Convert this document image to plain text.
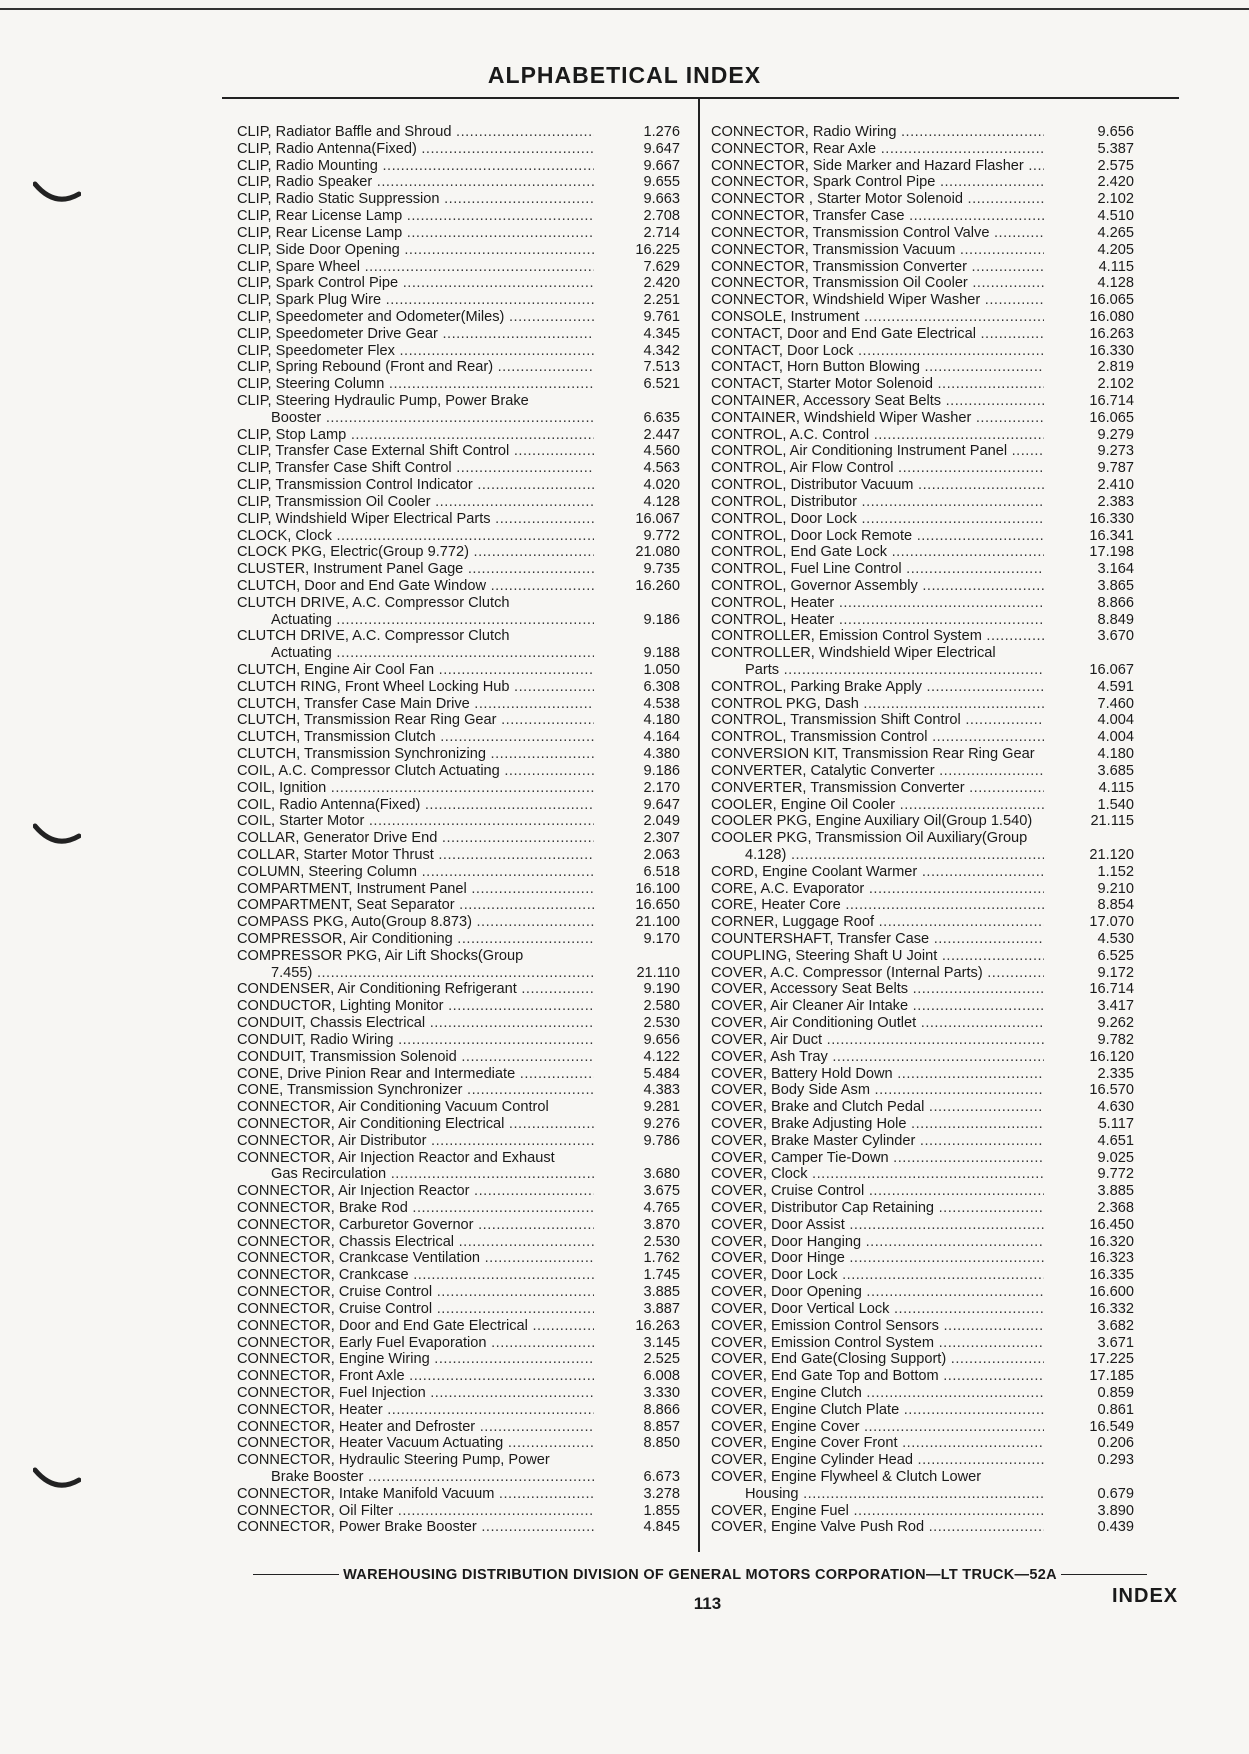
ALPHABETICAL INDEX
CLIP, Radiator Baffle and Shroud .....	1.276
CLIP, Radio Antenna(Fixed) .....	9.647
CLIP, Radio Mounting .....	9.667
CLIP, Radio Speaker .....	9.655
CLIP, Radio Static Suppression .....	9.663
CLIP, Rear License Lamp .....	2.708
CLIP, Rear License Lamp .....	2.714
CLIP, Side Door Opening .....	16.225
CLIP, Spare Wheel .....	7.629
CLIP, Spark Control Pipe .....	2.420
CLIP, Spark Plug Wire .....	2.251
CLIP, Speedometer and Odometer(Miles) .....	9.761
CLIP, Speedometer Drive Gear .....	4.345
CLIP, Speedometer Flex .....	4.342
CLIP, Spring Rebound (Front and Rear) .....	7.513
CLIP, Steering Column .....	6.521
CLIP, Steering Hydraulic Pump, Power Brake
Booster .....	6.635
CLIP, Stop Lamp .....	2.447
CLIP, Transfer Case External Shift Control .....	4.560
CLIP, Transfer Case Shift Control .....	4.563
CLIP, Transmission Control Indicator .....	4.020
CLIP, Transmission Oil Cooler .....	4.128
CLIP, Windshield Wiper Electrical Parts .....	16.067
CLOCK, Clock .....	9.772
CLOCK PKG, Electric(Group 9.772) .....	21.080
CLUSTER, Instrument Panel Gage .....	9.735
CLUTCH, Door and End Gate Window .....	16.260
CLUTCH DRIVE, A.C. Compressor Clutch
Actuating .....	9.186
CLUTCH DRIVE, A.C. Compressor Clutch
Actuating .....	9.188
CLUTCH, Engine Air Cool Fan .....	1.050
CLUTCH RING, Front Wheel Locking Hub .....	6.308
CLUTCH, Transfer Case Main Drive .....	4.538
CLUTCH, Transmission Rear Ring Gear .....	4.180
CLUTCH, Transmission Clutch .....	4.164
CLUTCH, Transmission Synchronizing .....	4.380
COIL, A.C. Compressor Clutch Actuating .....	9.186
COIL, Ignition .....	2.170
COIL, Radio Antenna(Fixed) .....	9.647
COIL, Starter Motor .....	2.049
COLLAR, Generator Drive End .....	2.307
COLLAR, Starter Motor Thrust .....	2.063
COLUMN, Steering Column .....	6.518
COMPARTMENT, Instrument Panel .....	16.100
COMPARTMENT, Seat Separator .....	16.650
COMPASS PKG, Auto(Group 8.873) .....	21.100
COMPRESSOR, Air Conditioning .....	9.170
COMPRESSOR PKG, Air Lift Shocks(Group
7.455) .....	21.110
CONDENSER, Air Conditioning Refrigerant .....	9.190
CONDUCTOR, Lighting Monitor .....	2.580
CONDUIT, Chassis Electrical .....	2.530
CONDUIT, Radio Wiring .....	9.656
CONDUIT, Transmission Solenoid .....	4.122
CONE, Drive Pinion Rear and Intermediate .....	5.484
CONE, Transmission Synchronizer .....	4.383
CONNECTOR, Air Conditioning Vacuum Control	9.281
CONNECTOR, Air Conditioning Electrical .....	9.276
CONNECTOR, Air Distributor .....	9.786
CONNECTOR, Air Injection Reactor and Exhaust
Gas Recirculation .....	3.680
CONNECTOR, Air Injection Reactor .....	3.675
CONNECTOR, Brake Rod .....	4.765
CONNECTOR, Carburetor Governor .....	3.870
CONNECTOR, Chassis Electrical .....	2.530
CONNECTOR, Crankcase Ventilation .....	1.762
CONNECTOR, Crankcase .....	1.745
CONNECTOR, Cruise Control .....	3.885
CONNECTOR, Cruise Control .....	3.887
CONNECTOR, Door and End Gate Electrical .....	16.263
CONNECTOR, Early Fuel Evaporation .....	3.145
CONNECTOR, Engine Wiring .....	2.525
CONNECTOR, Front Axle .....	6.008
CONNECTOR, Fuel Injection .....	3.330
CONNECTOR, Heater .....	8.866
CONNECTOR, Heater and Defroster .....	8.857
CONNECTOR, Heater Vacuum Actuating .....	8.850
CONNECTOR, Hydraulic Steering Pump, Power
Brake Booster .....	6.673
CONNECTOR, Intake Manifold Vacuum .....	3.278
CONNECTOR, Oil Filter .....	1.855
CONNECTOR, Power Brake Booster .....	4.845
CONNECTOR, Radio Wiring .....	9.656
CONNECTOR, Rear Axle .....	5.387
CONNECTOR, Side Marker and Hazard Flasher .....	2.575
CONNECTOR, Spark Control Pipe .....	2.420
CONNECTOR , Starter Motor Solenoid .....	2.102
CONNECTOR, Transfer Case .....	4.510
CONNECTOR, Transmission Control Valve .....	4.265
CONNECTOR, Transmission Vacuum .....	4.205
CONNECTOR, Transmission Converter .....	4.115
CONNECTOR, Transmission Oil Cooler .....	4.128
CONNECTOR, Windshield Wiper Washer .....	16.065
CONSOLE, Instrument .....	16.080
CONTACT, Door and End Gate Electrical .....	16.263
CONTACT, Door Lock .....	16.330
CONTACT, Horn Button Blowing .....	2.819
CONTACT, Starter Motor Solenoid .....	2.102
CONTAINER, Accessory Seat Belts .....	16.714
CONTAINER, Windshield Wiper Washer .....	16.065
CONTROL, A.C. Control .....	9.279
CONTROL, Air Conditioning Instrument Panel .....	9.273
CONTROL, Air Flow Control .....	9.787
CONTROL, Distributor Vacuum .....	2.410
CONTROL, Distributor .....	2.383
CONTROL, Door Lock .....	16.330
CONTROL, Door Lock Remote .....	16.341
CONTROL, End Gate Lock .....	17.198
CONTROL, Fuel Line Control .....	3.164
CONTROL, Governor Assembly .....	3.865
CONTROL, Heater .....	8.866
CONTROL, Heater .....	8.849
CONTROLLER, Emission Control System .....	3.670
CONTROLLER, Windshield Wiper Electrical
Parts .....	16.067
CONTROL, Parking Brake Apply .....	4.591
CONTROL PKG, Dash .....	7.460
CONTROL, Transmission Shift Control .....	4.004
CONTROL, Transmission Control .....	4.004
CONVERSION KIT, Transmission Rear Ring Gear	4.180
CONVERTER, Catalytic Converter .....	3.685
CONVERTER, Transmission Converter .....	4.115
COOLER, Engine Oil Cooler .....	1.540
COOLER PKG, Engine Auxiliary Oil(Group 1.540)	21.115
COOLER PKG, Transmission Oil Auxiliary(Group
4.128) .....	21.120
CORD, Engine Coolant Warmer .....	1.152
CORE, A.C. Evaporator .....	9.210
CORE, Heater Core .....	8.854
CORNER, Luggage Roof .....	17.070
COUNTERSHAFT, Transfer Case .....	4.530
COUPLING, Steering Shaft U Joint .....	6.525
COVER, A.C. Compressor (Internal Parts) .....	9.172
COVER, Accessory Seat Belts .....	16.714
COVER, Air Cleaner Air Intake .....	3.417
COVER, Air Conditioning Outlet .....	9.262
COVER, Air Duct .....	9.782
COVER, Ash Tray .....	16.120
COVER, Battery Hold Down .....	2.335
COVER, Body Side Asm .....	16.570
COVER, Brake and Clutch Pedal .....	4.630
COVER, Brake Adjusting Hole .....	5.117
COVER, Brake Master Cylinder .....	4.651
COVER, Camper Tie-Down .....	9.025
COVER, Clock .....	9.772
COVER, Cruise Control .....	3.885
COVER, Distributor Cap Retaining .....	2.368
COVER, Door Assist .....	16.450
COVER, Door Hanging .....	16.320
COVER, Door Hinge .....	16.323
COVER, Door Lock .....	16.335
COVER, Door Opening .....	16.600
COVER, Door Vertical Lock .....	16.332
COVER, Emission Control Sensors .....	3.682
COVER, Emission Control System .....	3.671
COVER, End Gate(Closing Support) .....	17.225
COVER, End Gate Top and Bottom .....	17.185
COVER, Engine Clutch .....	0.859
COVER, Engine Clutch Plate .....	0.861
COVER, Engine Cover .....	16.549
COVER, Engine Cover Front .....	0.206
COVER, Engine Cylinder Head .....	0.293
COVER, Engine Flywheel & Clutch Lower
Housing .....	0.679
COVER, Engine Fuel .....	3.890
COVER, Engine Valve Push Rod .....	0.439
WAREHOUSING DISTRIBUTION DIVISION OF GENERAL MOTORS CORPORATION—LT TRUCK—52A
113	INDEX
